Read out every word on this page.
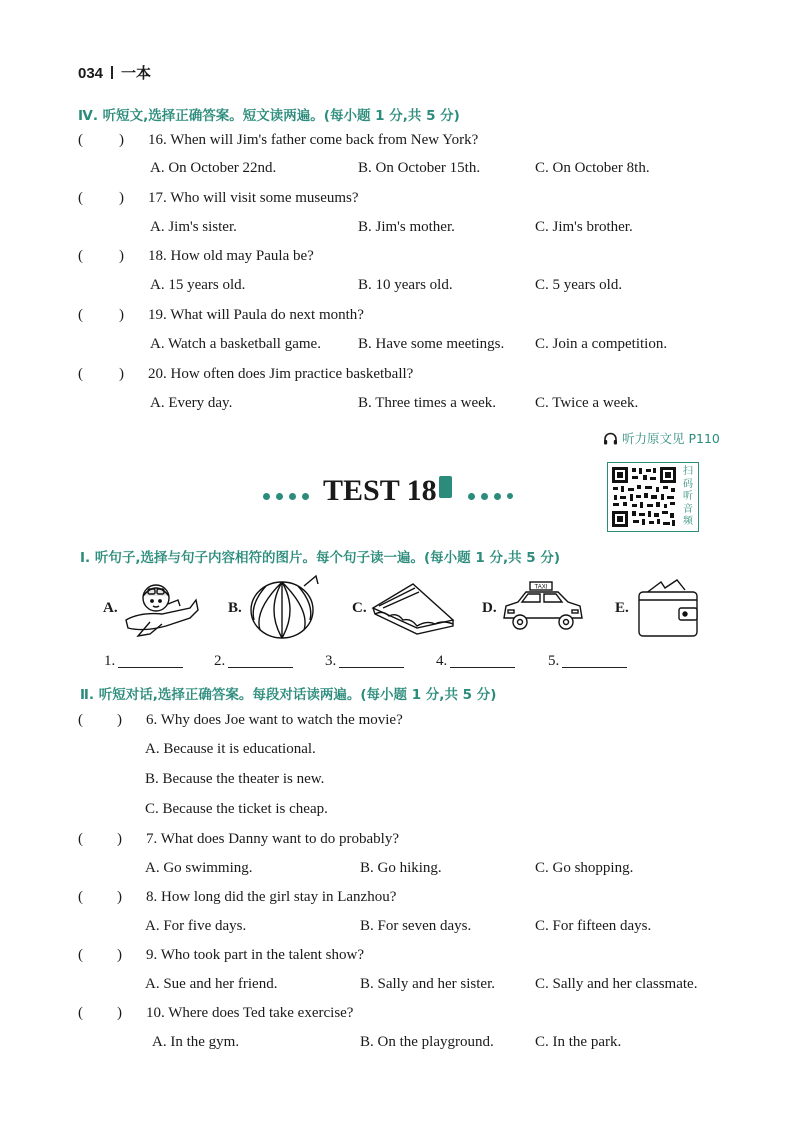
034 一本
Ⅳ. 听短文,选择正确答案。短文读两遍。(每小题 1 分,共 5 分)
( ) 16. When will Jim's father come back from New York?
A. On October 22nd.	B. On October 15th.	C. On October 8th.
( ) 17. Who will visit some museums?
A. Jim's sister.	B. Jim's mother.	C. Jim's brother.
( ) 18. How old may Paula be?
A. 15 years old.	B. 10 years old.	C. 5 years old.
( ) 19. What will Paula do next month?
A. Watch a basketball game. B. Have some meetings. C. Join a competition.
( ) 20. How often does Jim practice basketball?
A. Every day.	B. Three times a week.	C. Twice a week.
听力原文见 P110
TEST 18
扫
码
听
音
频
Ⅰ. 听句子,选择与句子内容相符的图片。每个句子读一遍。(每小题 1 分,共 5 分)
A.	B.	C.	D.
TAXI
E.
1.	2.	3.	4.	5.
Ⅱ. 听短对话,选择正确答案。每段对话读两遍。(每小题 1 分,共 5 分)
( ) 6. Why does Joe want to watch the movie?
A. Because it is educational.
B. Because the theater is new.
C. Because the ticket is cheap.
( ) 7. What does Danny want to do probably?
A. Go swimming.	B. Go hiking.	C. Go shopping.
( ) 8. How long did the girl stay in Lanzhou?
A. For five days.	B. For seven days.	C. For fifteen days.
( ) 9. Who took part in the talent show?
A. Sue and her friend.	B. Sally and her sister.	C. Sally and her classmate.
( ) 10. Where does Ted take exercise?
A. In the gym.	B. On the playground.	C. In the park.
